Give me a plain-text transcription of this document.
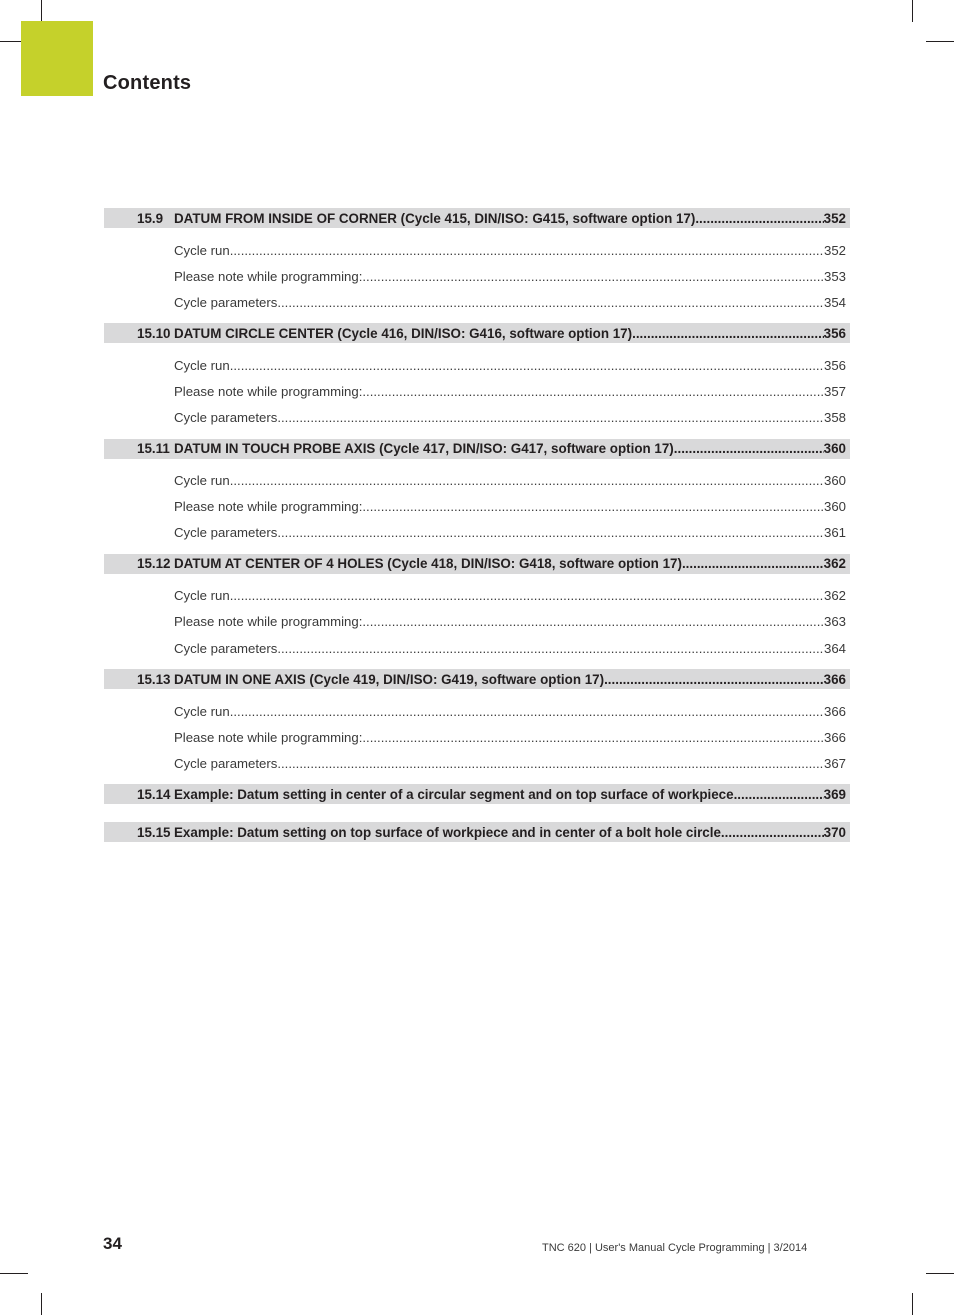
Contents
15.9 DATUM FROM INSIDE OF CORNER (Cycle 415, DIN/ISO: G415, software option 17) .....	352
Cycle run .....	352
Please note while programming: .....	353
Cycle parameters .....	354
15.10 DATUM CIRCLE CENTER (Cycle 416, DIN/ISO: G416, software option 17) .....	356
Cycle run .....	356
Please note while programming: .....	357
Cycle parameters .....	358
15.11 DATUM IN TOUCH PROBE AXIS (Cycle 417, DIN/ISO: G417, software option 17) .....	360
Cycle run .....	360
Please note while programming: .....	360
Cycle parameters .....	361
15.12 DATUM AT CENTER OF 4 HOLES (Cycle 418, DIN/ISO: G418, software option 17) .....	362
Cycle run .....	362
Please note while programming: .....	363
Cycle parameters .....	364
15.13 DATUM IN ONE AXIS (Cycle 419, DIN/ISO: G419, software option 17) .....	366
Cycle run .....	366
Please note while programming: .....	366
Cycle parameters .....	367
15.14 Example: Datum setting in center of a circular segment and on top surface of workpiece .....	369
15.15 Example: Datum setting on top surface of workpiece and in center of a bolt hole circle .....	370
34	TNC 620 | User's Manual Cycle Programming | 3/2014
